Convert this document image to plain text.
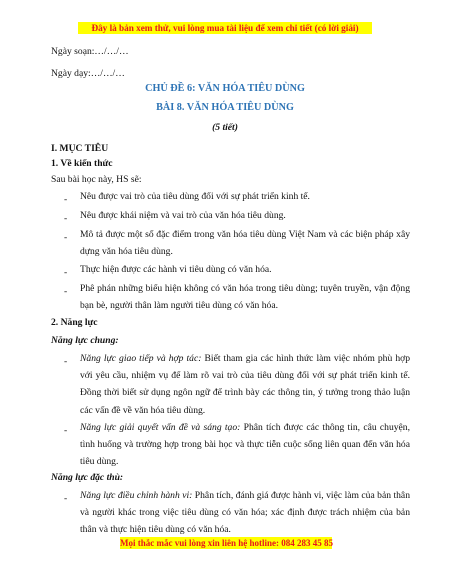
Đây là bản xem thử, vui lòng mua tài liệu để xem chi tiết (có lời giải)
Ngày soạn:…/…/…
Ngày dạy:…/…/…
CHỦ ĐỀ 6: VĂN HÓA TIÊU DÙNG
BÀI 8. VĂN HÓA TIÊU DÙNG
(5 tiết)
I. MỤC TIÊU
1. Về kiến thức
Sau bài học này, HS sẽ:
- Nêu được vai trò của tiêu dùng đối với sự phát triển kinh tế.
- Nêu được khái niệm và vai trò của văn hóa tiêu dùng.
- Mô tả được một số đặc điểm trong văn hóa tiêu dùng Việt Nam và các biện pháp xây dựng văn hóa tiêu dùng.
- Thực hiện được các hành vi tiêu dùng có văn hóa.
- Phê phán những biểu hiện không có văn hóa trong tiêu dùng; tuyên truyền, vận động bạn bè, người thân làm người tiêu dùng có văn hóa.
2. Năng lực
Năng lực chung:
- Năng lực giao tiếp và hợp tác: Biết tham gia các hình thức làm việc nhóm phù hợp với yêu cầu, nhiệm vụ để làm rõ vai trò của tiêu dùng đối với sự phát triển kinh tế. Đồng thời biết sử dụng ngôn ngữ để trình bày các thông tin, ý tưởng trong thảo luận các vấn đề về văn hóa tiêu dùng.
- Năng lực giải quyết vấn đề và sáng tạo: Phân tích được các thông tin, câu chuyện, tình huống và trường hợp trong bài học và thực tiễn cuộc sống liên quan đến văn hóa tiêu dùng.
Năng lực đặc thù:
- Năng lực điều chỉnh hành vi: Phân tích, đánh giá được hành vi, việc làm của bản thân và người khác trong việc tiêu dùng có văn hóa; xác định được trách nhiệm của bản thân và thực hiện tiêu dùng có văn hóa.
Mọi thắc mắc vui lòng xin liên hệ hotline: 084 283 45 85
